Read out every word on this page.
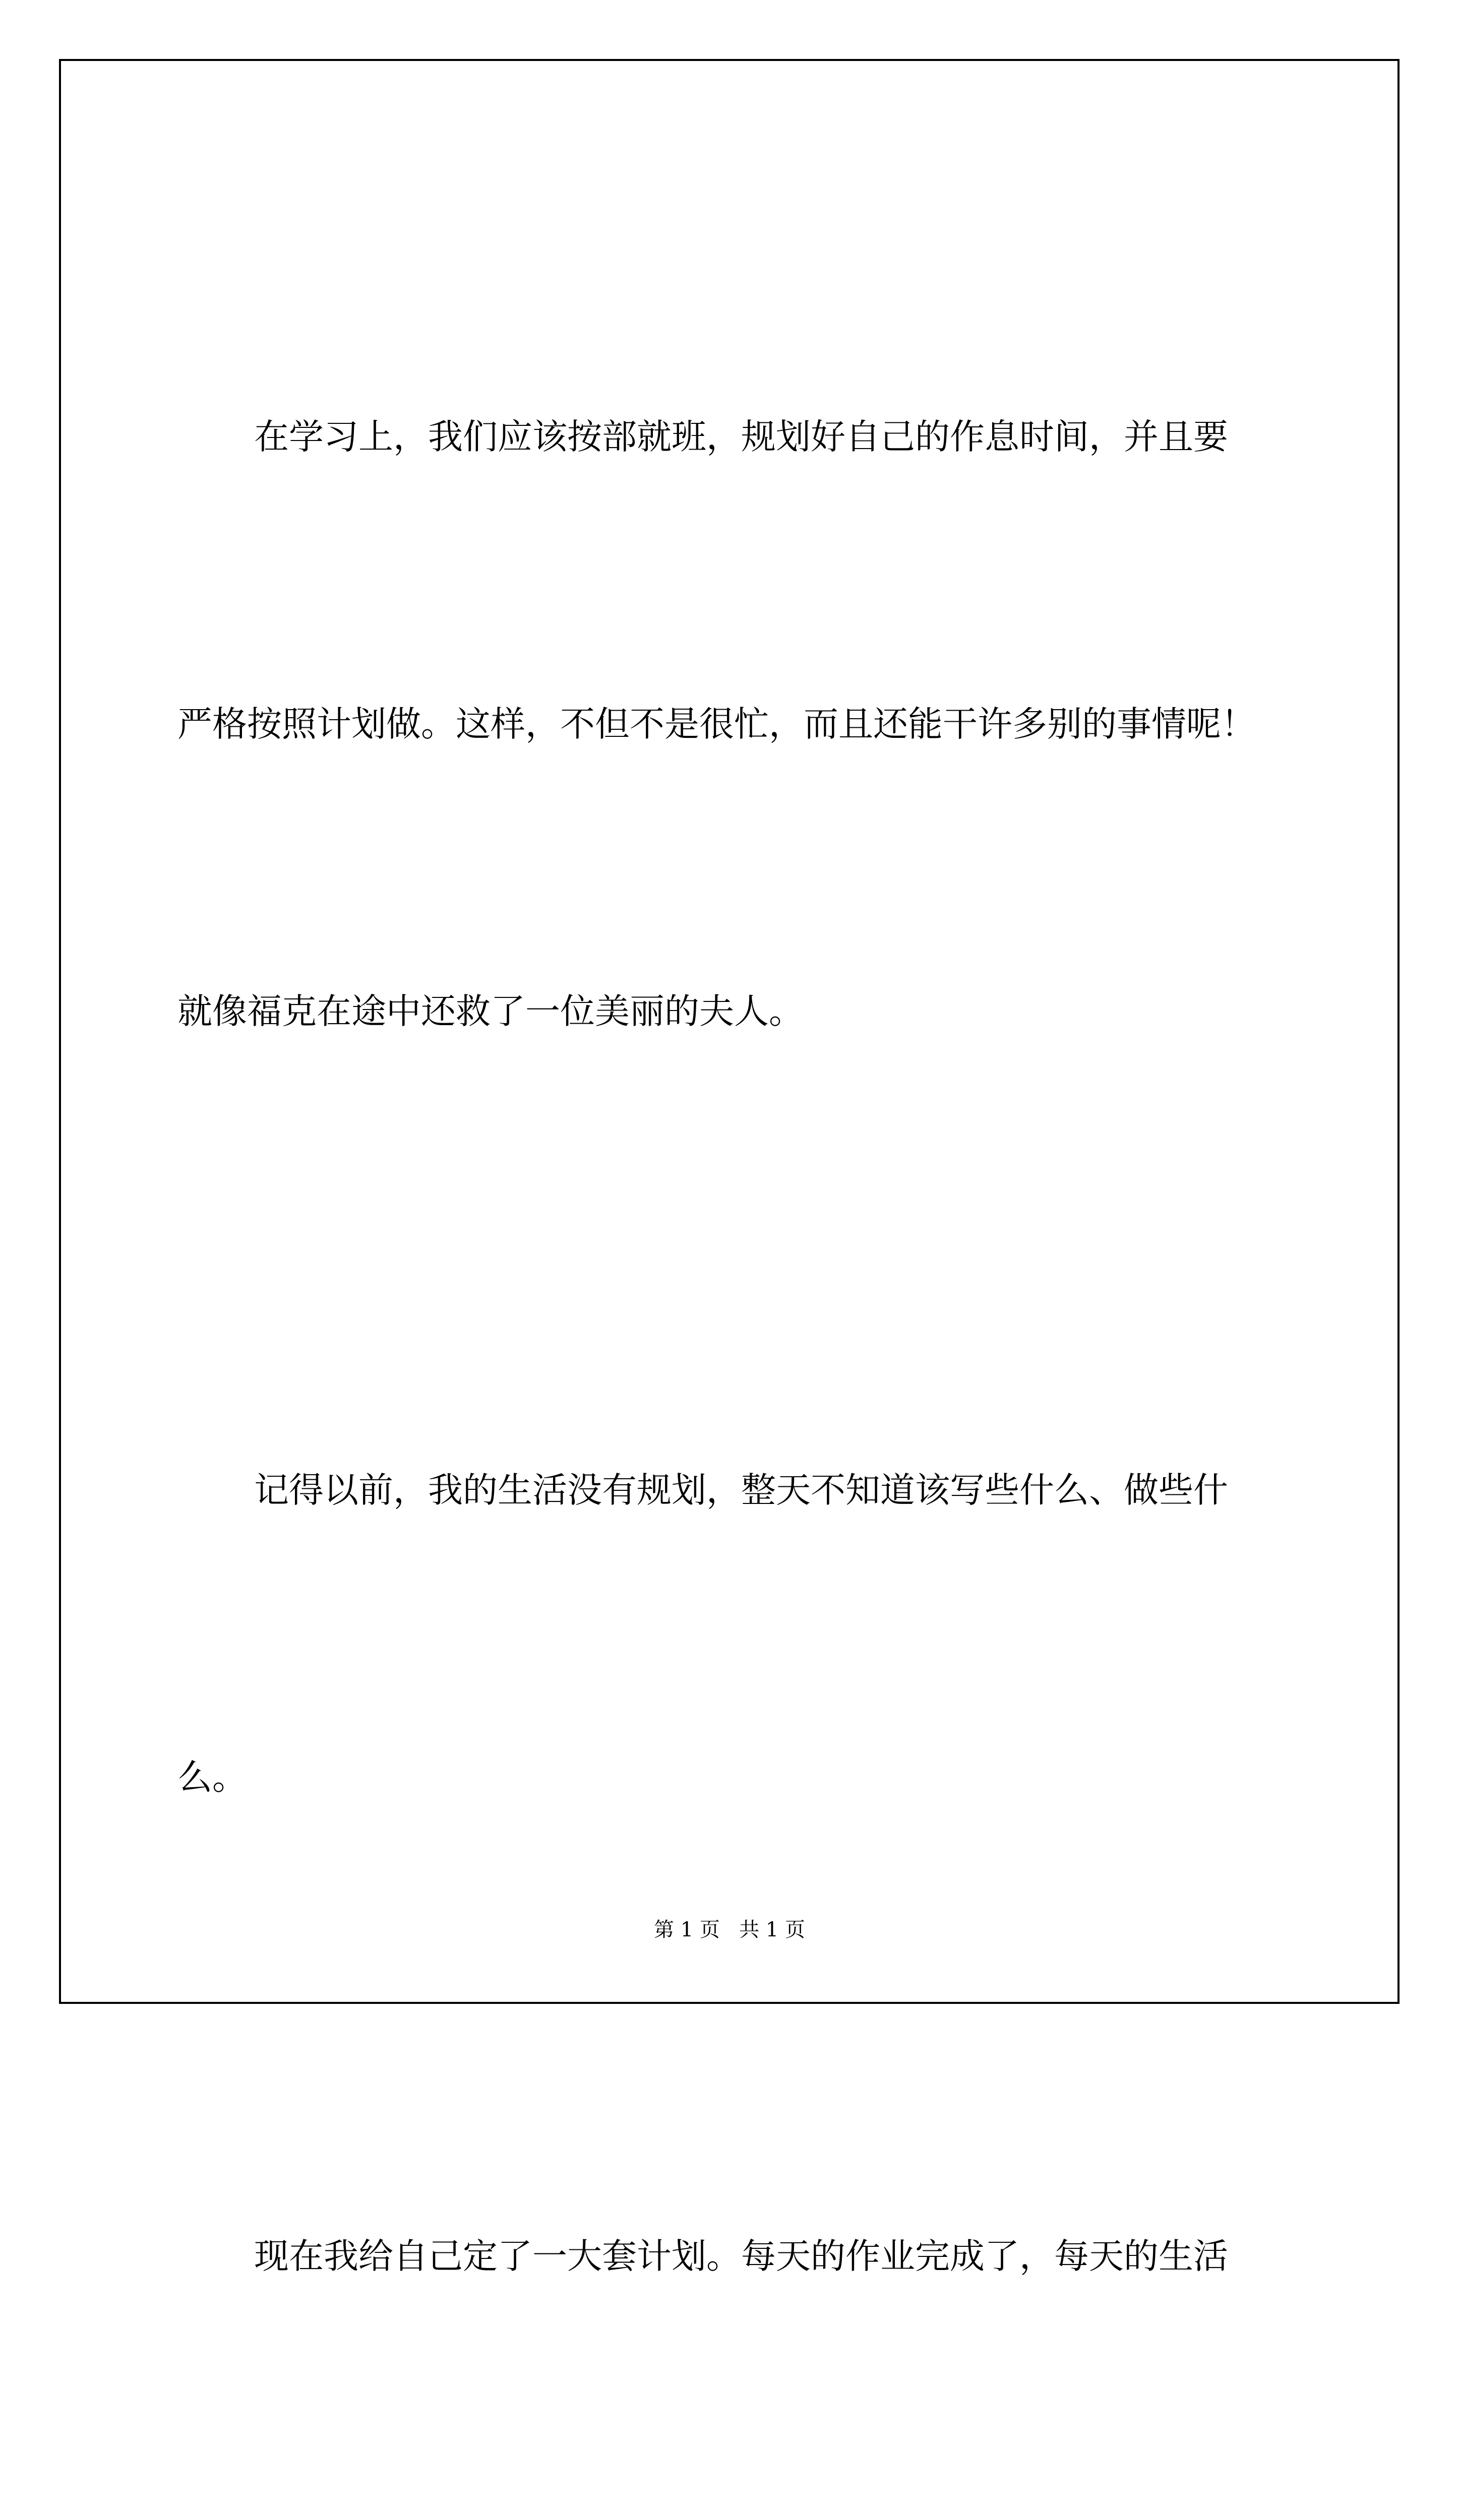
在学习上，我们应该按部就班，规划好自己的作息时间，并且要

严格按照计划做。这样，不但不是很忙，而且还能干许多别的事情呢！

就像福克在途中还救了一位美丽的夫人。

记得以前，我的生活没有规划，整天不知道该写些什么、做些什

么。

现在我给自己定了一大套计划。每天的作业完成了，每天的生活

第 1 页   共 1 页
